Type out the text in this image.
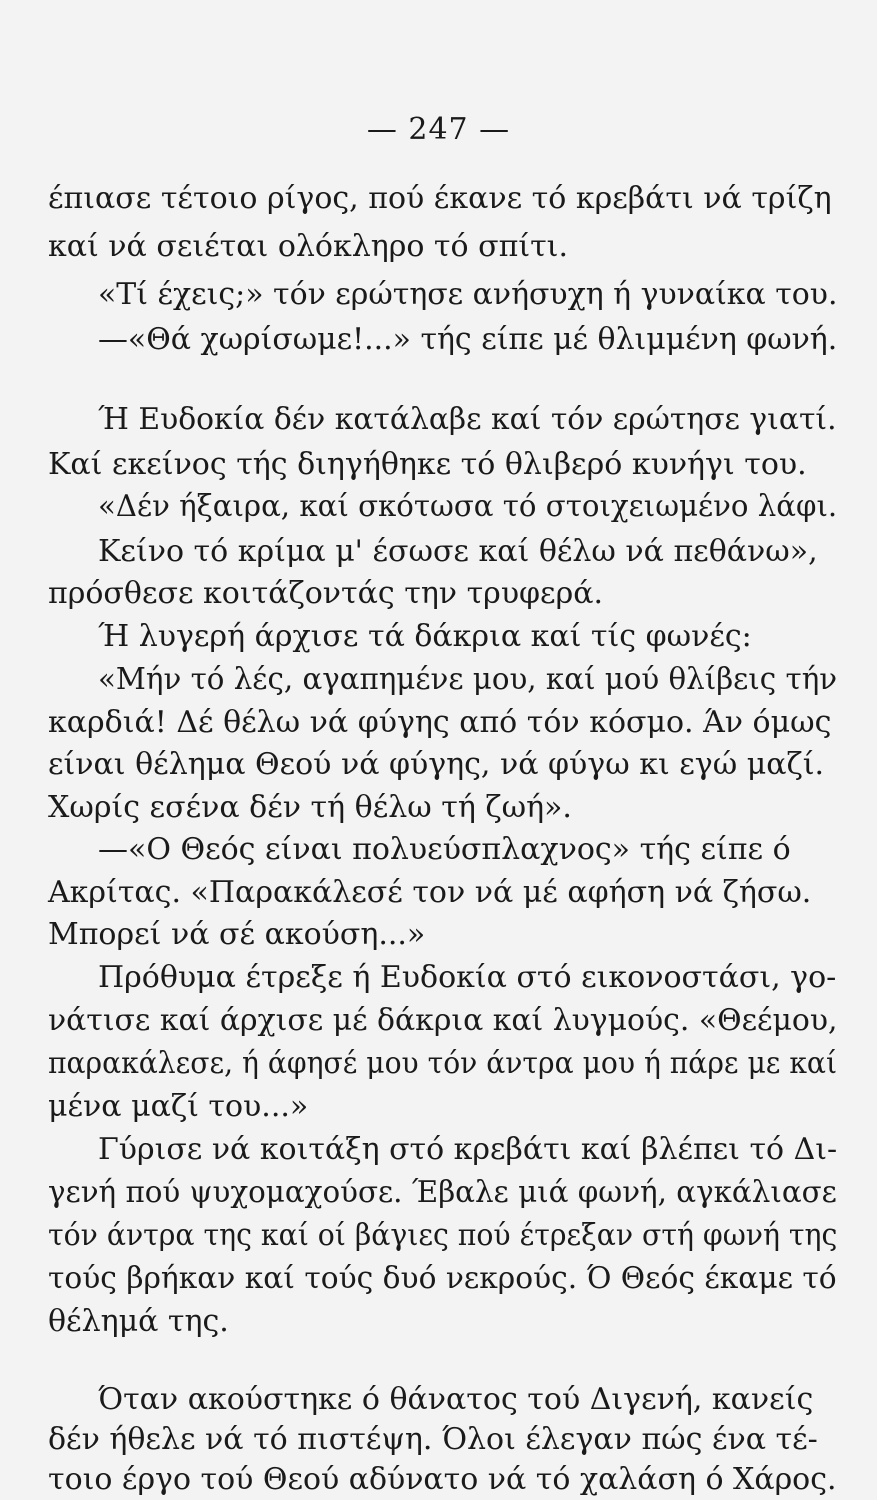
— 247 —
έπιασε τέτοιο ρίγος, πού έκανε τό κρεβάτι νά τρίζη
καί νά σειέται ολόκληρο τό σπίτι.
«Τί έχεις;» τόν ερώτησε ανήσυχη ή γυναίκα του.
—«Θά χωρίσωμε!...» τής είπε μέ θλιμμένη φωνή.
Ή Ευδοκία δέν κατάλαβε καί τόν ερώτησε γιατί.
Καί εκείνος τής διηγήθηκε τό θλιβερό κυνήγι του.
«Δέν ήξαιρα, καί σκότωσα τό στοιχειωμένο λάφι.
Κείνο τό κρίμα μ' έσωσε καί θέλω νά πεθάνω»,
πρόσθεσε κοιτάζοντάς την τρυφερά.
Ή λυγερή άρχισε τά δάκρια καί τίς φωνές:
«Μήν τό λές, αγαπημένε μου, καί μού θλίβεις τήν
καρδιά! Δέ θέλω νά φύγης από τόν κόσμο. Άν όμως
είναι θέλημα Θεού νά φύγης, νά φύγω κι εγώ μαζί.
Χωρίς εσένα δέν τή θέλω τή ζωή».
—«Ο Θεός είναι πολυεύσπλαχνος» τής είπε ό
Ακρίτας. «Παρακάλεσέ τον νά μέ αφήση νά ζήσω.
Μπορεί νά σέ ακούση...»
Πρόθυμα έτρεξε ή Ευδοκία στό εικονοστάσι, γο-
νάτισε καί άρχισε μέ δάκρια καί λυγμούς. «Θεέμου,
παρακάλεσε, ή άφησέ μου τόν άντρα μου ή πάρε με καί
μένα μαζί του...»
Γύρισε νά κοιτάξη στό κρεβάτι καί βλέπει τό Δι-
γενή πού ψυχομαχούσε. Έβαλε μιά φωνή, αγκάλιασε
τόν άντρα της καί οί βάγιες πού έτρεξαν στή φωνή της
τούς βρήκαν καί τούς δυό νεκρούς. Ό Θεός έκαμε τό
θέλημά της.
Όταν ακούστηκε ό θάνατος τού Διγενή, κανείς
δέν ήθελε νά τό πιστέψη. Όλοι έλεγαν πώς ένα τέ-
τοιο έργο τού Θεού αδύνατο νά τό χαλάση ό Χάρος.
